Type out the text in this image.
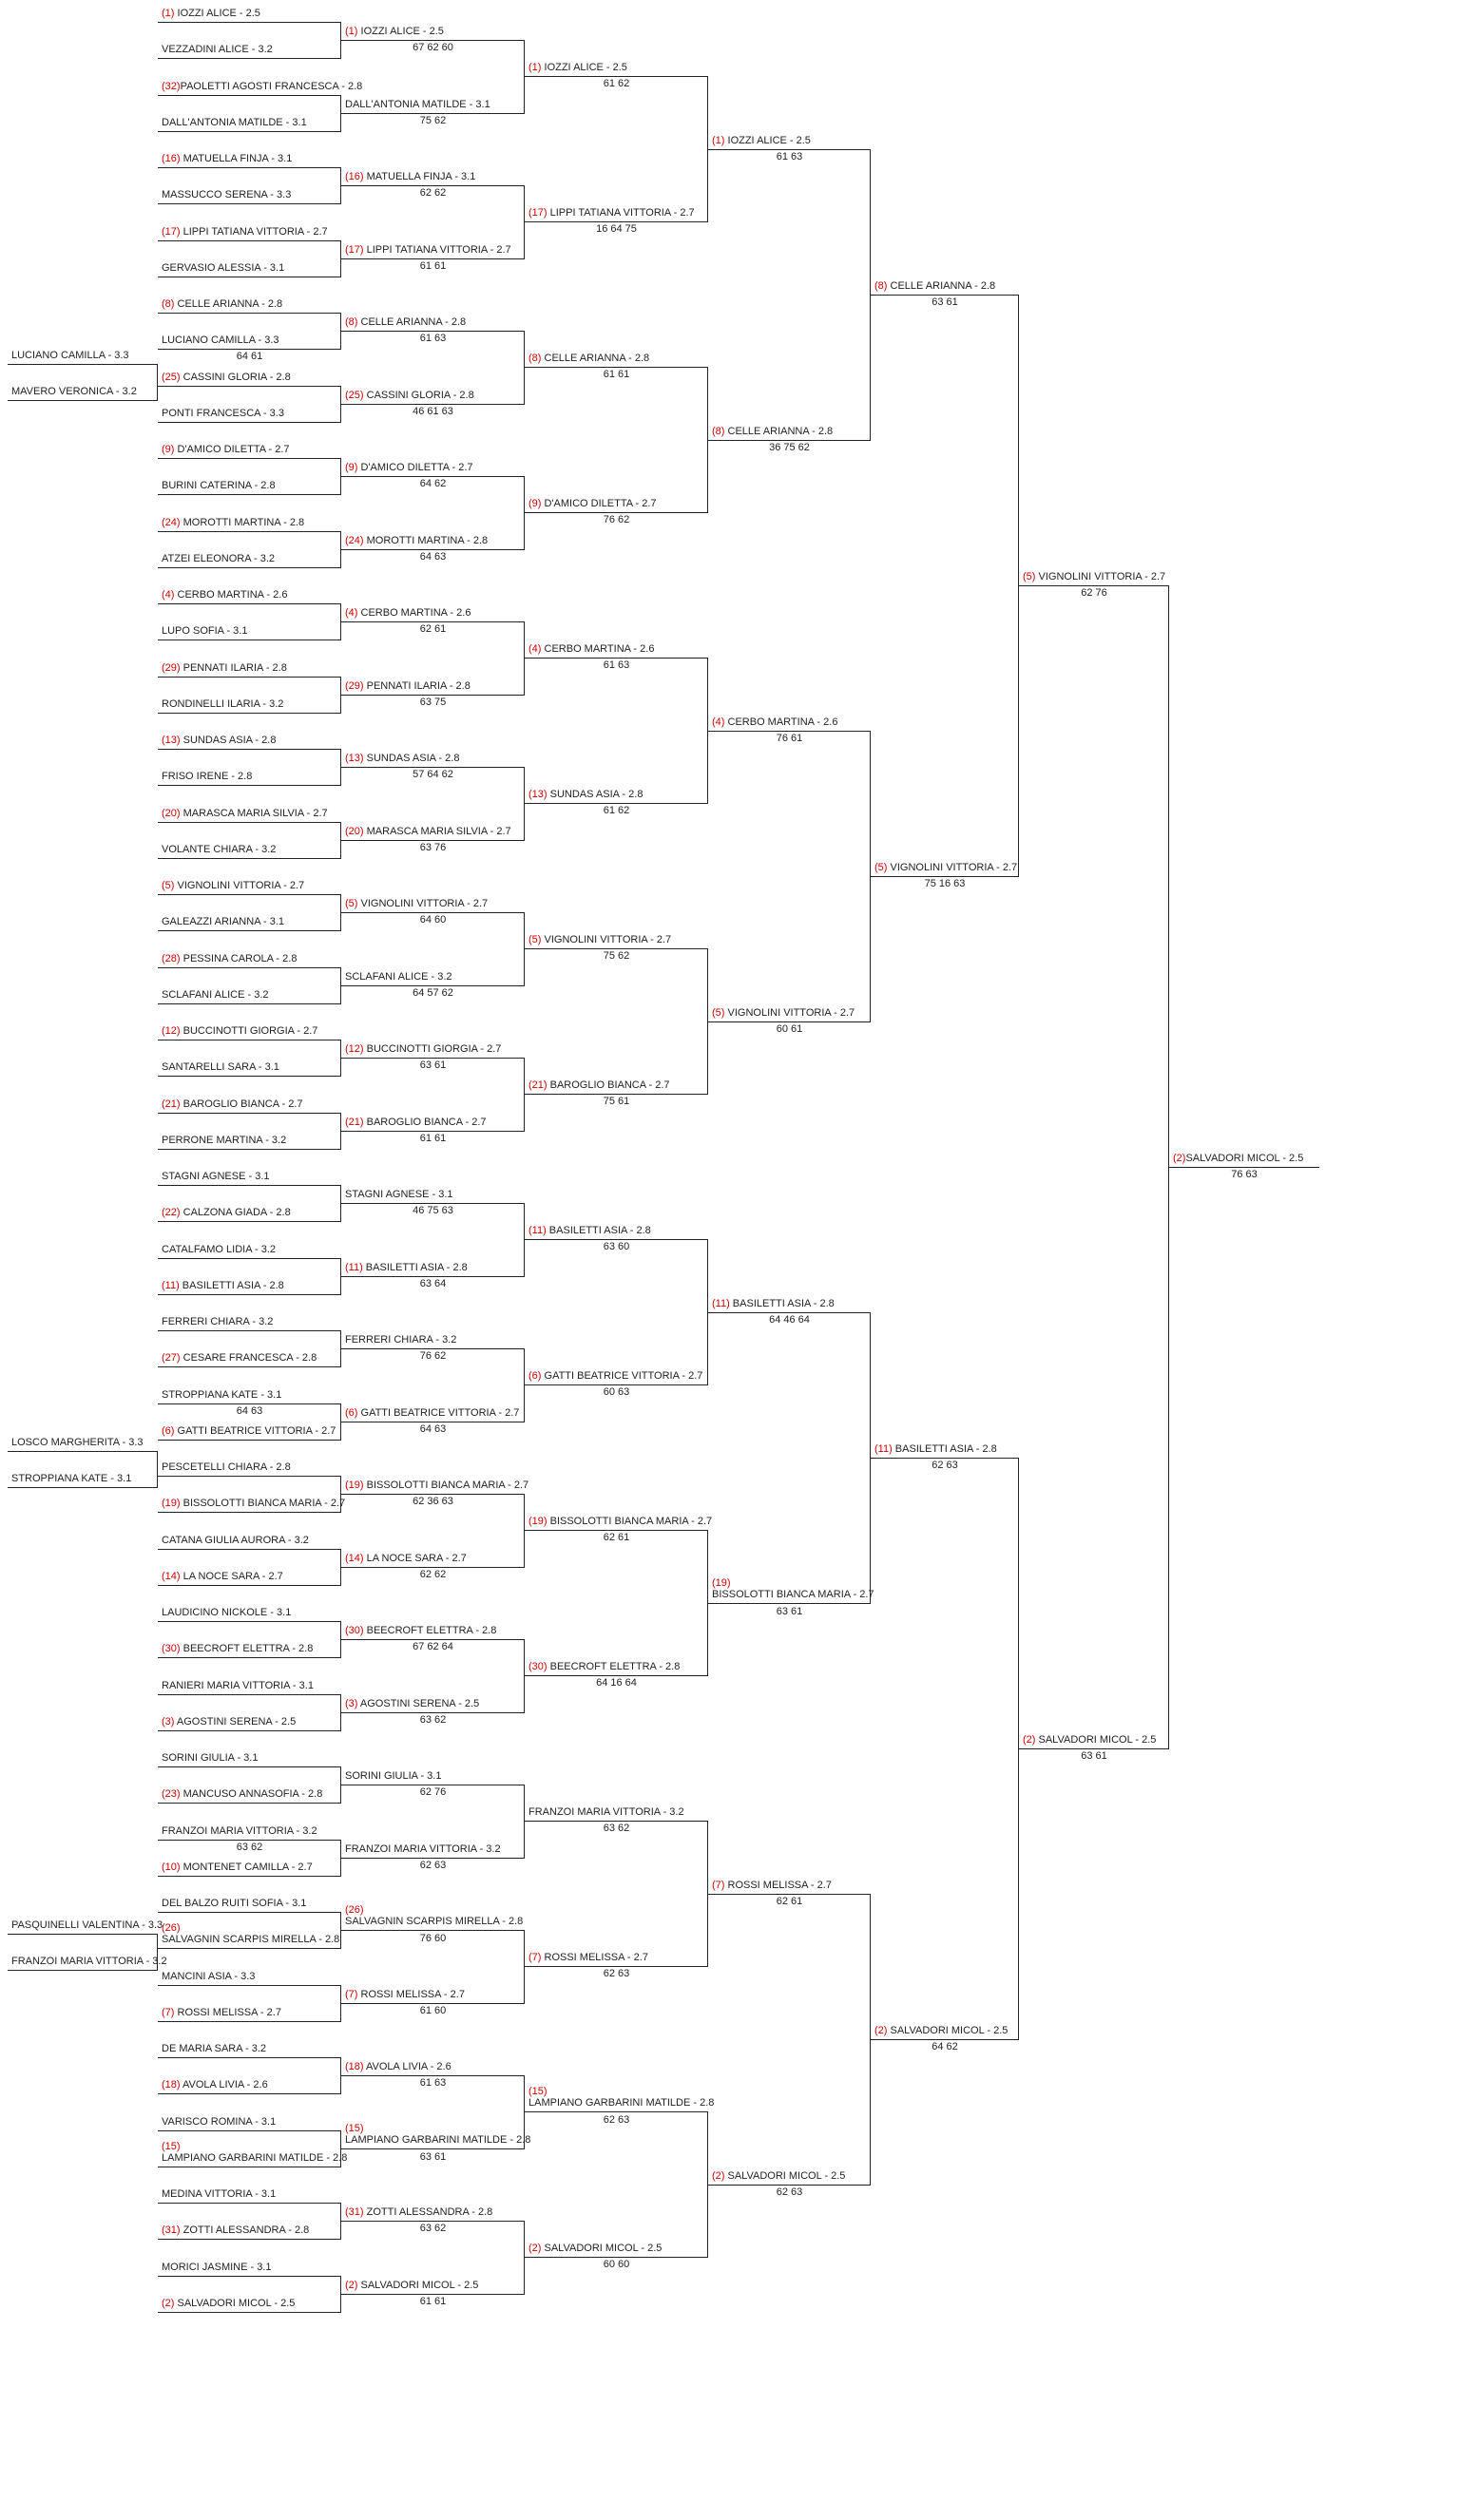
LUCIANO CAMILLA - 3.3
MAVERO VERONICA - 3.2
LOSCO MARGHERITA - 3.3
STROPPIANA KATE - 3.1
PASQUINELLI VALENTINA - 3.3
FRANZOI MARIA VITTORIA - 3.2
(1) IOZZI ALICE - 2.5
VEZZADINI ALICE - 3.2
(32)PAOLETTI AGOSTI FRANCESCA - 2.8
DALL'ANTONIA MATILDE - 3.1
(16) MATUELLA FINJA - 3.1
MASSUCCO SERENA - 3.3
(17) LIPPI TATIANA VITTORIA - 2.7
GERVASIO ALESSIA - 3.1
(8) CELLE ARIANNA - 2.8
LUCIANO CAMILLA - 3.3
64 61
(25) CASSINI GLORIA - 2.8
PONTI FRANCESCA - 3.3
(9) D'AMICO DILETTA - 2.7
BURINI CATERINA - 2.8
(24) MOROTTI MARTINA - 2.8
ATZEI ELEONORA - 3.2
(4) CERBO MARTINA - 2.6
LUPO SOFIA - 3.1
(29) PENNATI ILARIA - 2.8
RONDINELLI ILARIA - 3.2
(13) SUNDAS ASIA - 2.8
FRISO IRENE - 2.8
(20) MARASCA MARIA SILVIA - 2.7
VOLANTE CHIARA - 3.2
(5) VIGNOLINI VITTORIA - 2.7
GALEAZZI ARIANNA - 3.1
(28) PESSINA CAROLA - 2.8
SCLAFANI ALICE - 3.2
(12) BUCCINOTTI GIORGIA - 2.7
SANTARELLI SARA - 3.1
(21) BAROGLIO BIANCA - 2.7
PERRONE MARTINA - 3.2
STAGNI AGNESE - 3.1
(22) CALZONA GIADA - 2.8
CATALFAMO LIDIA - 3.2
(11) BASILETTI ASIA - 2.8
FERRERI CHIARA - 3.2
(27) CESARE FRANCESCA - 2.8
STROPPIANA KATE - 3.1
64 63
(6) GATTI BEATRICE VITTORIA - 2.7
PESCETELLI CHIARA - 2.8
(19) BISSOLOTTI BIANCA MARIA - 2.7
CATANA GIULIA AURORA - 3.2
(14) LA NOCE SARA - 2.7
LAUDICINO NICKOLE - 3.1
(30) BEECROFT ELETTRA - 2.8
RANIERI MARIA VITTORIA - 3.1
(3) AGOSTINI SERENA - 2.5
SORINI GIULIA - 3.1
(23) MANCUSO ANNASOFIA - 2.8
FRANZOI MARIA VITTORIA - 3.2
63 62
(10) MONTENET CAMILLA - 2.7
DEL BALZO RUITI SOFIA - 3.1
(26)
SALVAGNIN SCARPIS MIRELLA - 2.8
MANCINI ASIA - 3.3
(7) ROSSI MELISSA - 2.7
DE MARIA SARA - 3.2
(18) AVOLA LIVIA - 2.6
VARISCO ROMINA - 3.1
(15)
LAMPIANO GARBARINI MATILDE - 2.8
MEDINA VITTORIA - 3.1
(31) ZOTTI ALESSANDRA - 2.8
MORICI JASMINE - 3.1
(2) SALVADORI MICOL - 2.5
(1) IOZZI ALICE - 2.5
67 62 60
DALL'ANTONIA MATILDE - 3.1
75 62
(16) MATUELLA FINJA - 3.1
62 62
(17) LIPPI TATIANA VITTORIA - 2.7
61 61
(8) CELLE ARIANNA - 2.8
61 63
(25) CASSINI GLORIA - 2.8
46 61 63
(9) D'AMICO DILETTA - 2.7
64 62
(24) MOROTTI MARTINA - 2.8
64 63
(4) CERBO MARTINA - 2.6
62 61
(29) PENNATI ILARIA - 2.8
63 75
(13) SUNDAS ASIA - 2.8
57 64 62
(20) MARASCA MARIA SILVIA - 2.7
63 76
(5) VIGNOLINI VITTORIA - 2.7
64 60
SCLAFANI ALICE - 3.2
64 57 62
(12) BUCCINOTTI GIORGIA - 2.7
63 61
(21) BAROGLIO BIANCA - 2.7
61 61
STAGNI AGNESE - 3.1
46 75 63
(11) BASILETTI ASIA - 2.8
63 64
FERRERI CHIARA - 3.2
76 62
(6) GATTI BEATRICE VITTORIA - 2.7
64 63
(19) BISSOLOTTI BIANCA MARIA - 2.7
62 36 63
(14) LA NOCE SARA - 2.7
62 62
(30) BEECROFT ELETTRA - 2.8
67 62 64
(3) AGOSTINI SERENA - 2.5
63 62
SORINI GIULIA - 3.1
62 76
FRANZOI MARIA VITTORIA - 3.2
62 63
(26)
SALVAGNIN SCARPIS MIRELLA - 2.8
76 60
(7) ROSSI MELISSA - 2.7
61 60
(18) AVOLA LIVIA - 2.6
61 63
(15)
LAMPIANO GARBARINI MATILDE - 2.8
63 61
(31) ZOTTI ALESSANDRA - 2.8
63 62
(2) SALVADORI MICOL - 2.5
61 61
(1) IOZZI ALICE - 2.5
61 62
(17) LIPPI TATIANA VITTORIA - 2.7
16 64 75
(8) CELLE ARIANNA - 2.8
61 61
(9) D'AMICO DILETTA - 2.7
76 62
(4) CERBO MARTINA - 2.6
61 63
(13) SUNDAS ASIA - 2.8
61 62
(5) VIGNOLINI VITTORIA - 2.7
75 62
(21) BAROGLIO BIANCA - 2.7
75 61
(11) BASILETTI ASIA - 2.8
63 60
(6) GATTI BEATRICE VITTORIA - 2.7
60 63
(19) BISSOLOTTI BIANCA MARIA - 2.7
62 61
(30) BEECROFT ELETTRA - 2.8
64 16 64
FRANZOI MARIA VITTORIA - 3.2
63 62
(7) ROSSI MELISSA - 2.7
62 63
(15)
LAMPIANO GARBARINI MATILDE - 2.8
62 63
(2) SALVADORI MICOL - 2.5
60 60
(1) IOZZI ALICE - 2.5
61 63
(8) CELLE ARIANNA - 2.8
36 75 62
(4) CERBO MARTINA - 2.6
76 61
(5) VIGNOLINI VITTORIA - 2.7
60 61
(11) BASILETTI ASIA - 2.8
64 46 64
(19)
BISSOLOTTI BIANCA MARIA - 2.7
63 61
(7) ROSSI MELISSA - 2.7
62 61
(2) SALVADORI MICOL - 2.5
62 63
(8) CELLE ARIANNA - 2.8
63 61
(5) VIGNOLINI VITTORIA - 2.7
75 16 63
(11) BASILETTI ASIA - 2.8
62 63
(2) SALVADORI MICOL - 2.5
64 62
(5) VIGNOLINI VITTORIA - 2.7
62 76
(2) SALVADORI MICOL - 2.5
63 61
(2)SALVADORI MICOL - 2.5
76 63
